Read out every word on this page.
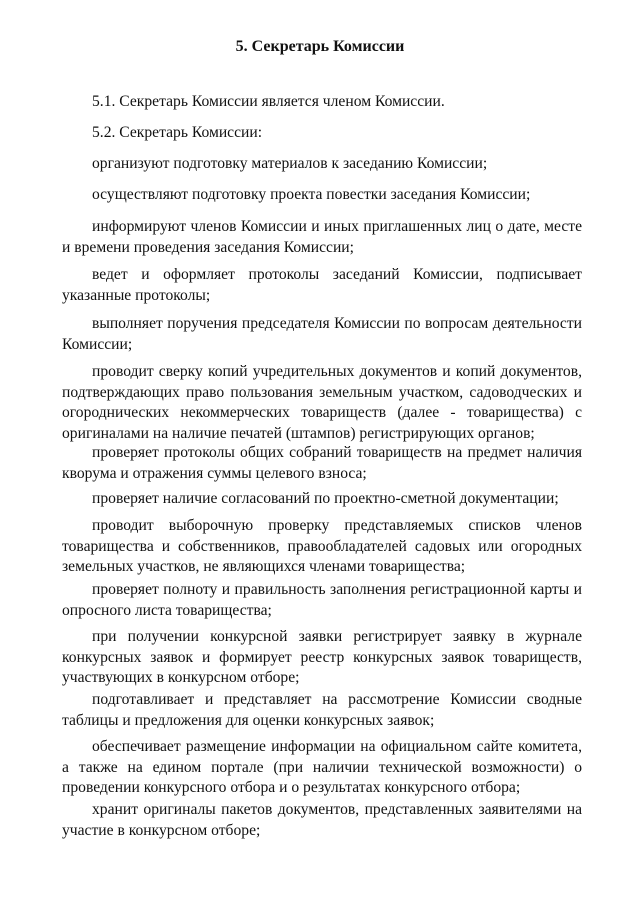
5. Секретарь Комиссии

5.1. Секретарь Комиссии является членом Комиссии.

5.2. Секретарь Комиссии:

организуют подготовку материалов к заседанию Комиссии;

осуществляют подготовку проекта повестки заседания Комиссии;

информируют членов Комиссии и иных приглашенных лиц о дате, месте и времени проведения заседания Комиссии;

ведет и оформляет протоколы заседаний Комиссии, подписывает указанные протоколы;

выполняет поручения председателя Комиссии по вопросам деятельности Комиссии;

проводит сверку копий учредительных документов и копий документов, подтверждающих право пользования земельным участком, садоводческих и огороднических некоммерческих товариществ (далее - товарищества) с оригиналами на наличие печатей (штампов) регистрирующих органов;

проверяет протоколы общих собраний товариществ на предмет наличия кворума и отражения суммы целевого взноса;

проверяет наличие согласований по проектно-сметной документации;

проводит выборочную проверку представляемых списков членов товарищества и собственников, правообладателей садовых или огородных земельных участков, не являющихся членами товарищества;

проверяет полноту и правильность заполнения регистрационной карты и опросного листа товарищества;

при получении конкурсной заявки регистрирует заявку в журнале конкурсных заявок и формирует реестр конкурсных заявок товариществ, участвующих в конкурсном отборе;

подготавливает и представляет на рассмотрение Комиссии сводные таблицы и предложения для оценки конкурсных заявок;

обеспечивает размещение информации на официальном сайте комитета, а также на едином портале (при наличии технической возможности) о проведении конкурсного отбора и о результатах конкурсного отбора;

хранит оригиналы пакетов документов, представленных заявителями на участие в конкурсном отборе;
